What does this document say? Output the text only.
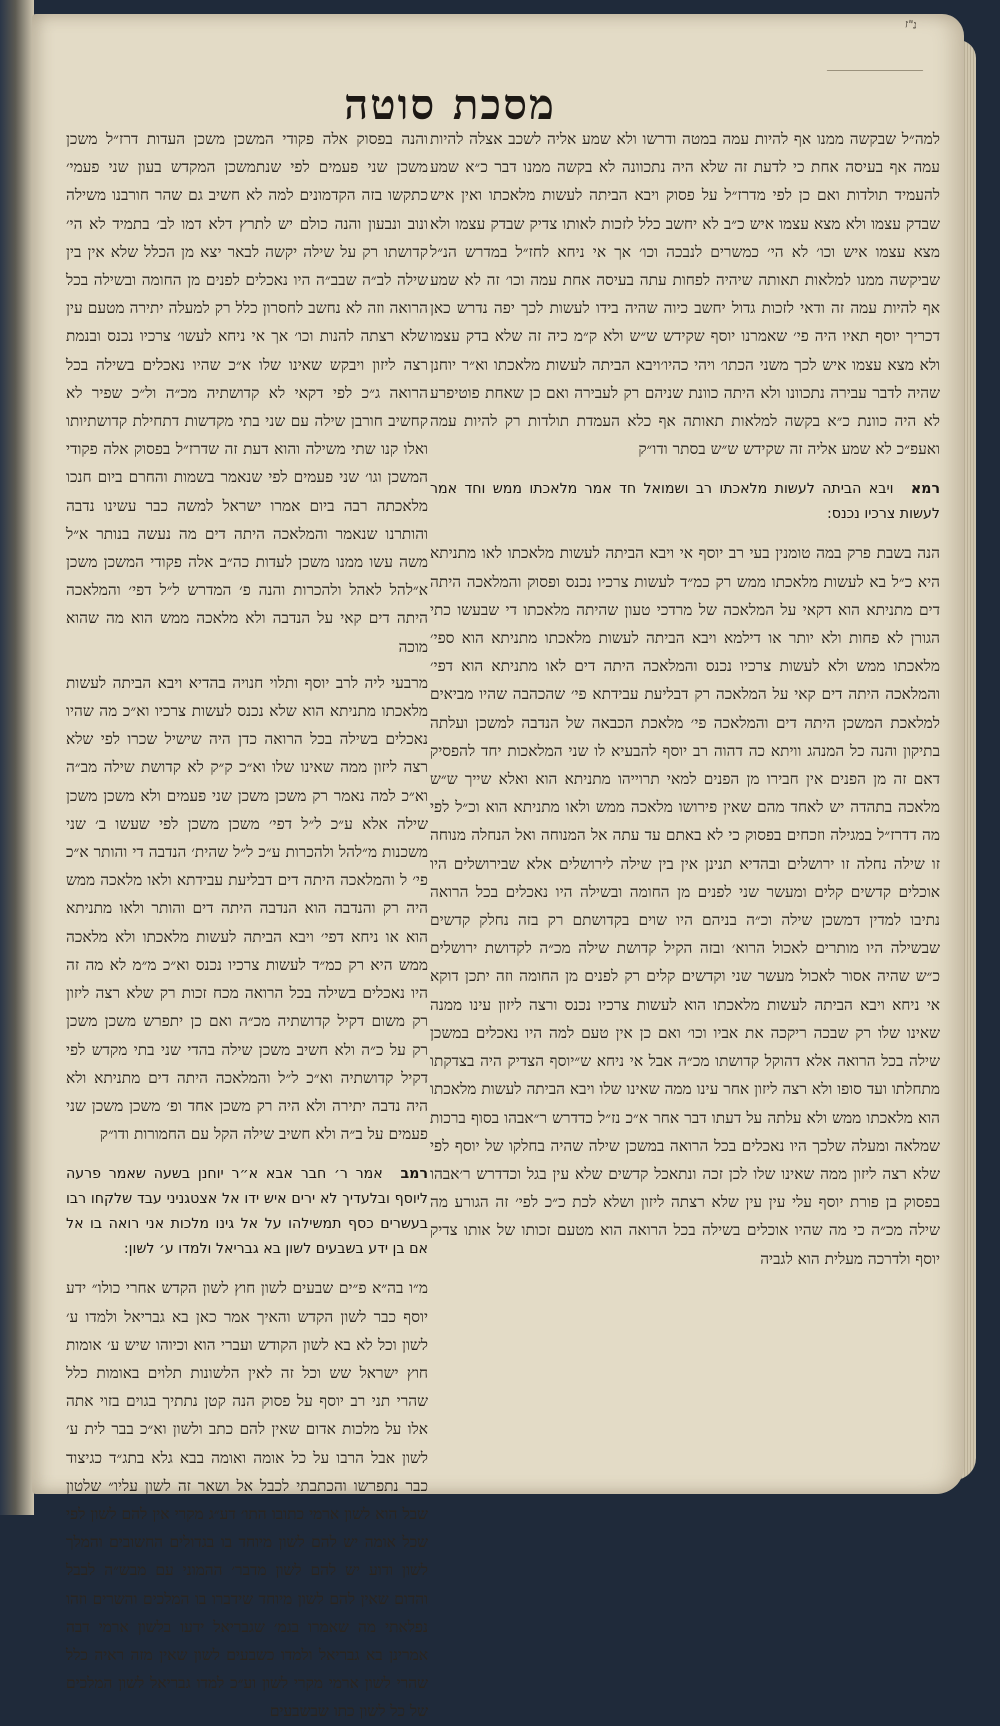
נ"ז
מסכת סוטה

למה״ל שבקשה ממנו אף להיות עמה במטה ודרשו ולא שמע אליה לשכב אצלה להיות עמה אף בעיסה אחת כי לדעת זה שלא היה נתכוונה לא בקשה ממנו דבר כ״א שמע להעמיד תולדות ואם כן לפי מדרז״ל על פסוק ויבא הביתה לעשות מלאכתו ואין איש שבדק עצמו ולא מצא עצמו איש כ״ב לא יחשב כלל לזכות לאותו צדיק שבדק עצמו ולא מצא עצמו איש וכו׳ לא הי׳ כמשרים לנבכה וכו׳ אך אי ניחא לחז״ל במדרש הנ״ל שביקשה ממנו למלאות תאותה שיהיה לפחות עתה בעיסה אחת עמה וכו׳ זה לא שמע אף להיות עמה זה ודאי לזכות גדול יחשב כיוה שהיה בידו לעשות לכך יפה נדרש כאן דכריך יוסף תאיו היה פי׳ שאמרנו יוסף שקידש ש״ש ולא ק״מ כיה זה שלא בדק עצמו ולא מצא עצמו איש לכך משני הכתו׳ ויהי כהיו׳ויבא הביתה לעשות מלאכתו וא״ר יוחנן שהיה לדבר עבירה נתכוונו ולא היתה כוונת שניהם רק לעבירה ואם כן שאחת פוטיפרע לא היה כוונת כ״א בקשה למלאות תאותה אף כלא העמדת תולדות רק להיות עמה ואעפ״כ לא שמע אליה זה שקידש ש״ש בסתר ודו״ק

רמא ויבא הביתה לעשות מלאכתו רב ושמואל חד אמר מלאכתו ממש וחד אמר לעשות צרכיו נכנס:

הנה בשבת פרק במה טומנין בעי רב יוסף אי ויבא הביתה לעשות מלאכתו לאו מתניתא היא כ״ל בא לעשות מלאכתו ממש רק כמ״ד לעשות צרכיו נכנס ופסוק והמלאכה היתה דים מתניתא הוא דקאי על המלאכה של מרדכי טעון שהיתה מלאכתו די שבעשו כתי הגורן לא פחות ולא יותר או דילמא ויבא הביתה לעשות מלאכתו מתניתא הוא ספי׳ מלאכתו ממש ולא לעשות צרכיו נכנס והמלאכה היתה דים לאו מתניתא הוא דפי׳ והמלאכה היתה דים קאי על המלאכה רק דבליעת עבידתא פי׳ שהכהבה שהיו מביאים למלאכת המשכן היתה דים והמלאכה פי׳ מלאכת הכבאה של הנדבה למשכן ועלתה בתיקון והנה כל המנהג וויתא כה דהוה רב יוסף להבעיא לו שני המלאכות יחד להפסיק דאם זה מן הפנים אין חבירו מן הפנים למאי תרוייהו מתניתא הוא ואלא שייך ש״ש מלאכה בתהדה יש לאחד מהם שאין פירושו מלאכה ממש ולאו מתניתא הוא וכ״ל לפי מה דדרז״ל במגילה וזכחים בפסוק כי לא באתם עד עתה אל המנוחה ואל הנחלה מנוחה זו שילה נחלה זו ירושלים ובהדיא תנינן אין בין שילה לירושלים אלא שבירושלים היו אוכלים קדשים קלים ומעשר שני לפנים מן החומה ובשילה היו נאכלים בכל הרואה נתיבו למדין דמשכן שילה וכ״ה בניהם היו שוים בקדושתם רק בזה נחלק קדשים שבשילה היו מותרים לאכול הרוא׳ ובזה הקיל קדושת שילה מכ״ה לקדושת ירושלים כ״ש שהיה אסור לאכול מעשר שני וקדשים קלים רק לפנים מן החומה וזה יתכן דוקא אי ניחא ויבא הביתה לעשות מלאכתו הוא לעשות צרכיו נכנס ורצה ליזון עינו ממנה שאינו שלו רק שבכה ריקכה את אביו וכו׳ ואם כן אין טעם למה היו נאכלים במשכן שילה בכל הרואה אלא דהוקל קדושתו מכ״ה אבל אי ניחא ש״יוסף הצדיק היה בצדקתו מתחלתו ועד סופו ולא רצה ליזון אחר עינו ממה שאינו שלו ויבא הביתה לעשות מלאכתו הוא מלאכתו ממש ולא עלתה על דעתו דבר אחר א״כ נז״ל כדדרש ר״אבהו בסוף ברכות שמלאה ומעלה שלכך היו נאכלים בכל הרואה במשכן שילה שהיה בחלקו של יוסף לפי שלא רצה ליזון ממה שאינו שלו לכן זכה ונתאכל קדשים שלא עין בגל וכדדרש ר׳אבהו בפסוק בן פורת יוסף עלי עין עין שלא רצתה ליזון ושלא לכת כ״כ לפי׳ זה הגורע מה שילה מכ״ה כי מה שהיו אוכלים בשילה בכל הרואה הוא מטעם זכותו של אותו צדיק יוסף ולדרכה מעלית הוא לגביה

והנה בפסוק אלה פקודי המשכן משכן העדות דרז״ל משכן משכן שני פעמים לפי שנתמשכן המקדש בעון שני פעמי׳ כתקשו בזה הקדמונים למה לא חשיב גם שהר חורבנו משילה ונוב ונבעון והנה כולם יש לתרץ דלא דמו לב׳ בתמיד לא הי׳ קדושתו רק על שילה יקשה לבאר יצא מן הכלל שלא אין בין שילה לב״ה שבב״ה היו נאכלים לפנים מן החומה ובשילה בכל הרואה וזה לא נחשב לחסרון כלל רק למעלה יתירה מטעם עין שלא רצתה להנות וכו׳ אך אי ניחא לעשו׳ צרכיו נכנס ובנמת רצה ליזון ויבקש שאינו שלו א״כ שהיו נאכלים בשילה בכל הרואה ג״כ לפי דקאי לא קדושתיה מכ״ה ול״כ שפיר לא קחשיב חורבן שילה עם שני בתי מקדשות דתחילת קדושתיותו ואלו קנו שתי משילה והוא דעת זה שדרז״ל בפסוק אלה פקודי המשכן וגו׳ שני פעמים לפי שנאמר בשמות והחרם ביום חנכו מלאכתה רבה ביום אמרו ישראל למשה כבר עשינו נדבה והותרנו שנאמר והמלאכה היתה דים מה נעשה בנותר א״ל משה עשו ממנו משכן לעדות כה״ב אלה פקודי המשכן משכן א״להל לאהל ולהכרות והנה פ׳ המדרש ל״ל דפי׳ והמלאכה היתה דים קאי על הנדבה ולא מלאכה ממש הוא מה שהוא מוכה

מרבעי ליה לרב יוסף ותלוי חנויה בהדיא ויבא הביתה לעשות מלאכתו מתניתא הוא שלא נכנס לעשות צרכיו וא״כ מה שהיו נאכלים בשילה בכל הרואה כדן היה שישיל שכרו לפי שלא רצה ליזון ממה שאינו שלו וא״כ ק״ק לא קדושת שילה מב״ה וא״כ למה נאמר רק משכן משכן שני פעמים ולא משכן משכן שילה אלא ע״כ ל״ל דפי׳ משכן משכן לפי שעשו ב׳ שני משכנות מ״להל ולהכרות ע״כ ל״ל שהית׳ הנדבה די והותר א״כ פי׳ ל והמלאכה היתה דים דבליעת עבידתא ולאו מלאכה ממש היה רק והנדבה הוא הנדבה היתה דים והותר ולאו מתניתא הוא או ניחא דפי׳ ויבא הביתה לעשות מלאכתו ולא מלאכה ממש היא רק כמ״ד לעשות צרכיו נכנס וא״כ מ״מ לא מה זה היו נאכלים בשילה בכל הרואה מכח זכות רק שלא רצה ליזון רק משום דקיל קדושתיה מכ״ה ואם כן יתפרש משכן משכן רק על כ״ה ולא חשיב משכן שילה בהדי שני בתי מקדש לפי דקיל קדושתיה וא״כ ל״ל והמלאכה היתה דים מתניתא ולא היה נדבה יתירה ולא היה רק משכן אחד ופ׳ משכן משכן שני פעמים על ב״ה ולא חשיב שילה הקל עם החמורות ודו״ק

רמב אמר ר׳ חבר אבא א״ר יוחנן בשעה שאמר פרעה ליוסף ובלעדיך לא ירים איש ידו אל אצטגניני עבד שלקחו רבו בעשרים כסף תמשילהו על אל גינו מלכות אני רואה בו אל אם בן ידע בשבעים לשון בא גבריאל ולמדו ע׳ לשון:

מ״ו בה״א פ״ים שבעים לשון חוץ לשון הקדש אחרי כולו״ ידע יוסף כבר לשון הקדש והאיך אמר כאן בא גבריאל ולמדו ע׳ לשון וכל לא בא לשון הקודש ועברי הוא וכיוהו שיש ע׳ אומות חוץ ישראל שש וכל זה לאין הלשונות תלוים באומות כלל שהרי תני רב יוסף על פסוק הנה קטן נתתיך בגוים בזוי אתה אלו על מלכות אדום שאין להם כתב ולשון וא״כ בבר לית ע׳ לשון אבל הרבו על כל אומה ואומה בבא גלא בתג״ד כגיצוד כבר נתפרשו והכתבתי לכבל אל ושאר זה לשון עליו״ שלטון שבל הוא לשון ארמי כתובו התו׳ דע״ג מקרי אין להם לשון לפי שכל אומה יש להם לשון מיוחד בו בגדולים החשובים והמלך לשון ודוע יש להם לשון מדבר׳ ההמוני עם מבש״ה לבבל והדום שאין להם לשון מיוחד שידברו בו המלכים והשרים וזהו נפלאתי מה שאמרו בגמ׳ שגבריאל ידעו בלשון ארמי דבה אמרינן בא גבריאל ולמדו כשבעים לשון שאין מזה ראיה כלל שהרי לשון ארמי מקרי לשון וע״כ למדו גבריאל לשון המלכים של כל לשון כתו שבשבעים
